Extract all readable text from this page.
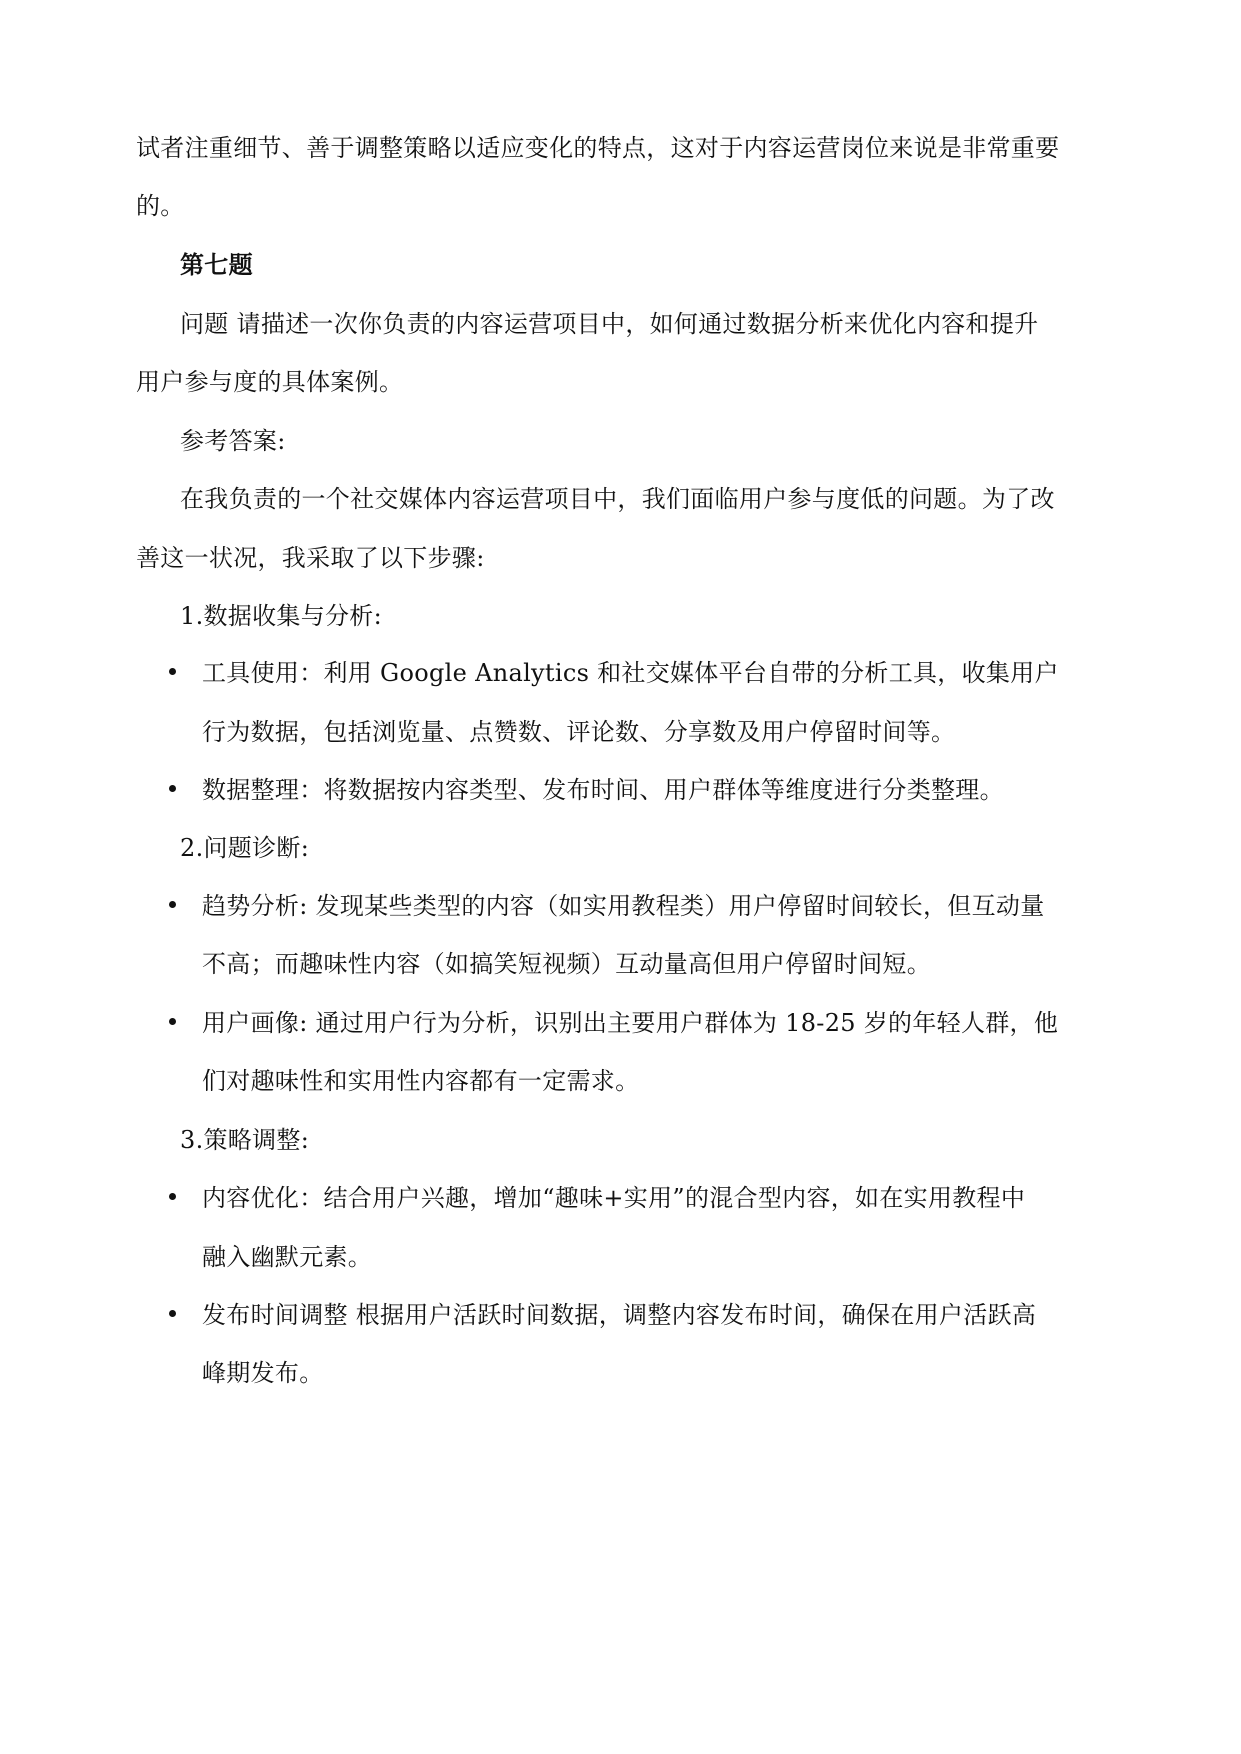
试者注重细节、善于调整策略以适应变化的特点，这对于内容运营岗位来说是非常重要
的。
第七题
问题 请描述一次你负责的内容运营项目中，如何通过数据分析来优化内容和提升
用户参与度的具体案例。
参考答案:
在我负责的一个社交媒体内容运营项目中，我们面临用户参与度低的问题。为了改
善这一状况，我采取了以下步骤:
1.数据收集与分析:
工具使用：利用 Google Analytics 和社交媒体平台自带的分析工具，收集用户
行为数据，包括浏览量、点赞数、评论数、分享数及用户停留时间等。
数据整理：将数据按内容类型、发布时间、用户群体等维度进行分类整理。
2.问题诊断:
趋势分析: 发现某些类型的内容（如实用教程类）用户停留时间较长，但互动量
不高；而趣味性内容（如搞笑短视频）互动量高但用户停留时间短。
用户画像: 通过用户行为分析，识别出主要用户群体为 18-25 岁的年轻人群，他
们对趣味性和实用性内容都有一定需求。
3.策略调整:
内容优化：结合用户兴趣，增加“趣味+实用”的混合型内容，如在实用教程中
融入幽默元素。
发布时间调整 根据用户活跃时间数据，调整内容发布时间，确保在用户活跃高
峰期发布。
